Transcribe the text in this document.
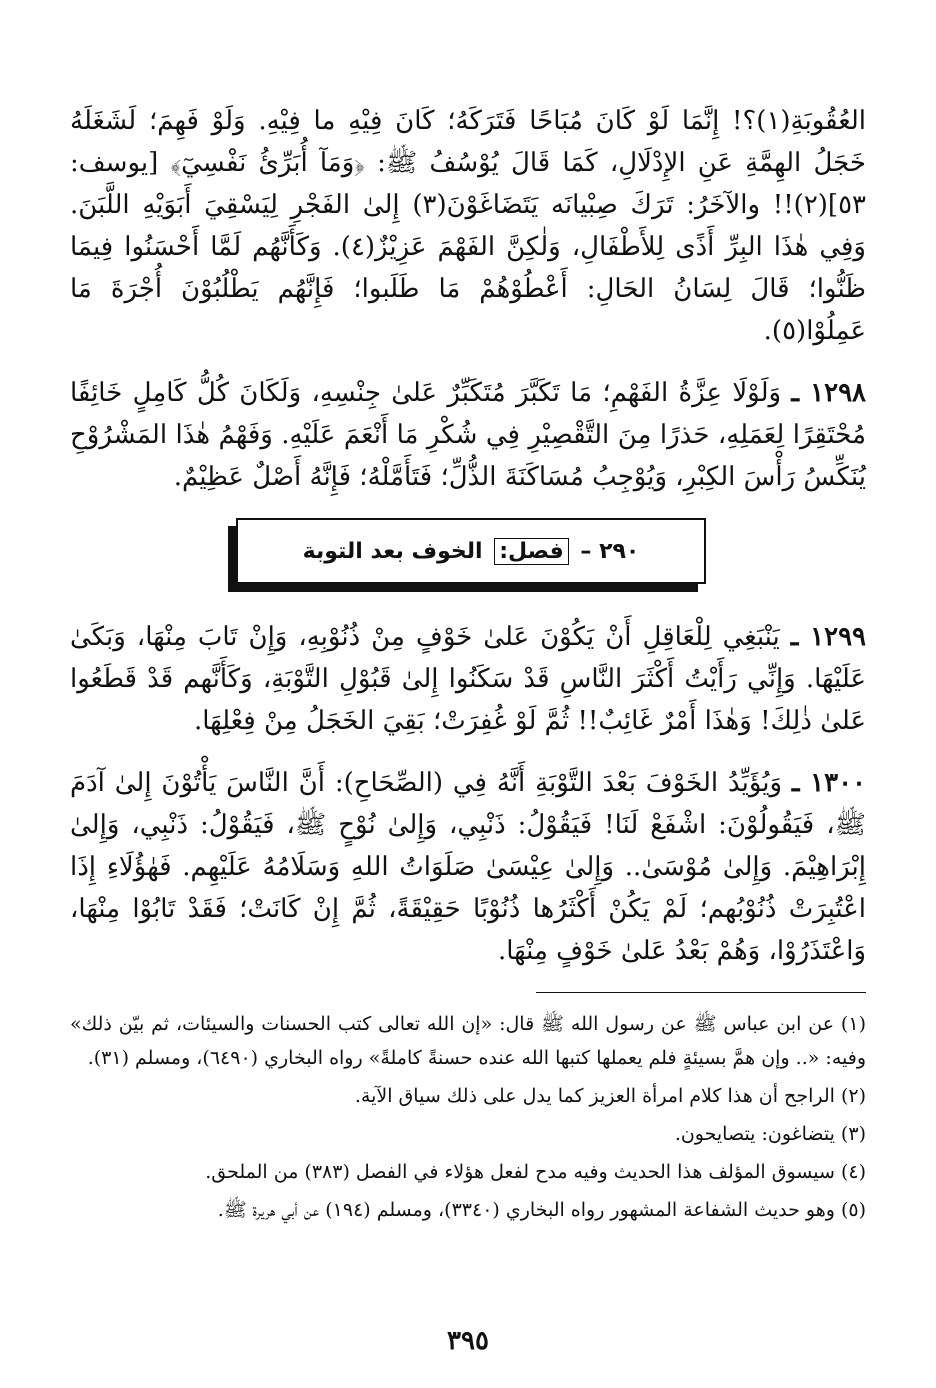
العُقُوبَةِ(١)؟! إِنَّمَا لَوْ كَانَ مُبَاحًا فَتَرَكَهُ؛ كَانَ فِيْهِ ما فِيْهِ. وَلَوْ فَهِمَ؛ لَشَغَلَهُ خَجَلُ الهِمَّةِ عَنِ الإِدْلَالِ، كَمَا قَالَ يُوْسُفُ ﷺ: ﴿وَمَآ أُبَرِّئُ نَفْسِيٓ﴾ [يوسف: ٥٣](٢)!! والآخَرُ: تَرَكَ صِبْيانَه يَتَضَاغَوْنَ(٣) إِلىٰ الفَجْرِ لِيَسْقِيَ أَبَوَيْهِ اللَّبَنَ. وَفِي هٰذَا البِرِّ أَذًى لِلأَطْفَالِ، وَلٰكِنَّ الفَهْمَ عَزِيْزٌ(٤). وَكَأَنَّهُم لَمَّا أَحْسَنُوا فِيمَا ظَنُّوا؛ قَالَ لِسَانُ الحَالِ: أَعْطُوْهُمْ مَا طَلَبوا؛ فَإِنَّهُم يَطْلُبُوْنَ أُجْرَةَ مَا عَمِلُوْا(٥).

١٢٩٨ ـ وَلَوْلَا عِزَّةُ الفَهْمِ؛ مَا تَكَبَّرَ مُتَكَبِّرٌ عَلىٰ جِنْسِهِ، وَلَكَانَ كُلُّ كَامِلٍ خَائِفًا مُحْتَقِرًا لِعَمَلِهِ، حَذرًا مِنَ التَّقْصِيْرِ فِي شُكْرِ مَا أَنْعَمَ عَلَيْهِ. وَفَهْمُ هٰذَا المَشْرُوْحِ يُنَكِّسُ رَأْسَ الكِبْرِ، وَيُوْجِبُ مُسَاكَنَةَ الذُّلِّ؛ فَتَأَمَّلْهُ؛ فَإِنَّهُ أَصْلٌ عَظِيْمٌ.

٢٩٠ – فصل: الخوف بعد التوبة

١٢٩٩ ـ يَنْبَغِي لِلْعَاقِلِ أَنْ يَكُوْنَ عَلىٰ خَوْفٍ مِنْ ذُنُوْبِهِ، وَإِنْ تَابَ مِنْهَا، وَبَكَىٰ عَلَيْهَا. وَإِنِّي رَأَيْتُ أَكْثَرَ النَّاسِ قَدْ سَكَنُوا إِلىٰ قَبُوْلِ التَّوْبَةِ، وَكَأَنَّهم قَدْ قَطَعُوا عَلىٰ ذٰلِكَ! وَهٰذَا أَمْرٌ غَائِبٌ!! ثُمَّ لَوْ غُفِرَتْ؛ بَقِيَ الخَجَلُ مِنْ فِعْلِهَا.

١٣٠٠ ـ وَيُؤَيِّدُ الخَوْفَ بَعْدَ التَّوْبَةِ أَنَّهُ فِي (الصِّحَاحِ): أَنَّ النَّاسَ يَأْتُوْنَ إِلىٰ آدَمَ ﷺ، فَيَقُولُوْنَ: اشْفَعْ لَنَا! فَيَقُوْلُ: ذَنْبِي، وَإِلىٰ نُوْحٍ ﷺ، فَيَقُوْلُ: ذَنْبِي، وَإِلىٰ إِبْرَاهِيْمَ. وَإِلىٰ مُوْسَىٰ.. وَإِلىٰ عِيْسَىٰ صَلَوَاتُ اللهِ وَسَلَامُهُ عَلَيْهِم. فَهٰؤُلَاءِ إِذَا اعْتُبِرَتْ ذُنُوْبُهم؛ لَمْ يَكُنْ أَكْثَرُها ذُنُوْبًا حَقِيْقَةً، ثُمَّ إِنْ كَانَتْ؛ فَقَدْ تَابُوْا مِنْهَا، وَاعْتَذَرُوْا، وَهُمْ بَعْدُ عَلىٰ خَوْفٍ مِنْهَا.

(١) عن ابن عباس ﷺ عن رسول الله ﷺ قال: «إن الله تعالى كتب الحسنات والسيئات، ثم بيّن ذلك» وفيه: «.. وإن همَّ بسيئةٍ فلم يعملها كتبها الله عنده حسنةً كاملةً» رواه البخاري (٦٤٩٠)، ومسلم (٣١).

(٢) الراجح أن هذا كلام امرأة العزيز كما يدل على ذلك سياق الآية.

(٣) يتضاغون: يتصايحون.

(٤) سيسوق المؤلف هذا الحديث وفيه مدح لفعل هؤلاء في الفصل (٣٨٣) من الملحق.

(٥) وهو حديث الشفاعة المشهور رواه البخاري (٣٣٤٠)، ومسلم (١٩٤) عن أبي هريرة ﷺ.

٣٩٥
